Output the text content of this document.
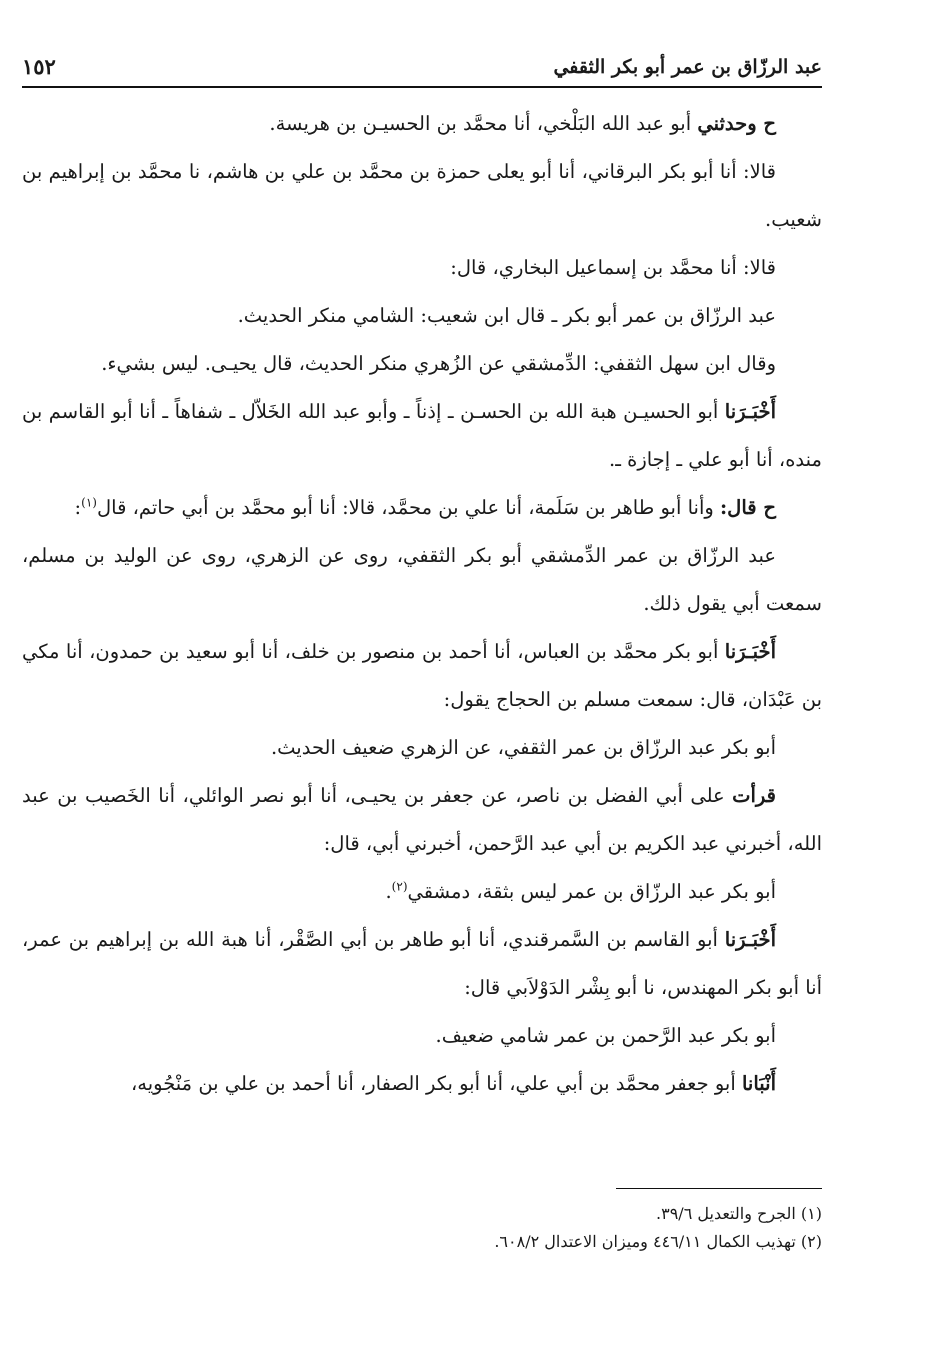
عبد الرزّاق بن عمر أبو بكر الثقفي
١٥٢

ح وحدثني أبو عبد الله البَلْخي، أنا محمَّد بن الحسيـن بن هريسة.

قالا: أنا أبو بكر البرقاني، أنا أبو يعلى حمزة بن محمَّد بن علي بن هاشم، نا محمَّد بن إبراهيم بن شعيب.

قالا: أنا محمَّد بن إسماعيل البخاري، قال:

عبد الرزّاق بن عمر أبو بكر ـ قال ابن شعيب: الشامي منكر الحديث.

وقال ابن سهل الثقفي: الدِّمشقي عن الزُهري منكر الحديث، قال يحيـى. ليس بشيء.

أَخْبَـرَنا أبو الحسيـن هبة الله بن الحسـن ـ إذناً ـ وأبو عبد الله الخَلاّل ـ شفاهاً ـ أنا أبو القاسم بن منده، أنا أبو علي ـ إجازة ـ.

ح قال: وأنا أبو طاهر بن سَلَمة، أنا علي بن محمَّد، قالا: أنا أبو محمَّد بن أبي حاتم، قال$^{(١)}$:

عبد الرزّاق بن عمر الدِّمشقي أبو بكر الثقفي، روى عن الزهري، روى عن الوليد بن مسلم، سمعت أبي يقول ذلك.

أَخْبَـرَنا أبو بكر محمَّد بن العباس، أنا أحمد بن منصور بن خلف، أنا أبو سعيد بن حمدون، أنا مكي بن عَبْدَان، قال: سمعت مسلم بن الحجاج يقول:

أبو بكر عبد الرزّاق بن عمر الثقفي، عن الزهري ضعيف الحديث.

قرأت على أبي الفضل بن ناصر، عن جعفر بن يحيـى، أنا أبو نصر الوائلي، أنا الخَصيب بن عبد الله، أخبرني عبد الكريم بن أبي عبد الرَّحمن، أخبرني أبي، قال:

أبو بكر عبد الرزّاق بن عمر ليس بثقة، دمشقي$^{(٢)}$.

أَخْبَـرَنا أبو القاسم بن السَّمرقندي، أنا أبو طاهر بن أبي الصَّقْر، أنا هبة الله بن إبراهيم بن عمر، أنا أبو بكر المهندس، نا أبو بِشْر الدَوْلاَبي قال:

أبو بكر عبد الرَّحمن بن عمر شامي ضعيف.

أَنْبَانا أبو جعفر محمَّد بن أبي علي، أنا أبو بكر الصفار، أنا أحمد بن علي بن مَنْجُويه،

(١) الجرح والتعديل ٣٩/٦.
(٢) تهذيب الكمال ٤٤٦/١١ وميزان الاعتدال ٦٠٨/٢.
